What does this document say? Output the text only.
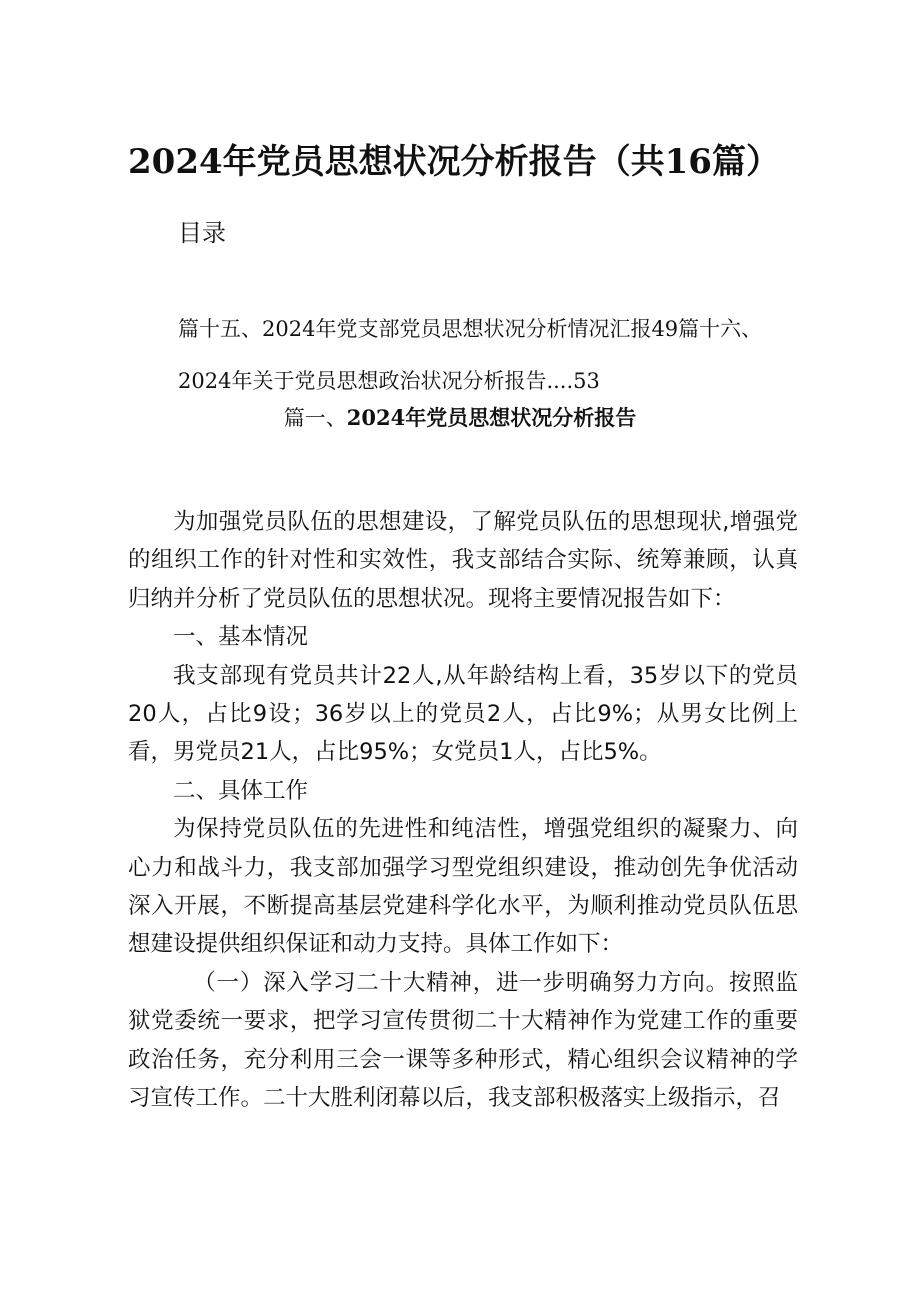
2024年党员思想状况分析报告（共16篇）
目录
篇十五、2024年党支部党员思想状况分析情况汇报49篇十六、
2024年关于党员思想政治状况分析报告....53
篇一、2024年党员思想状况分析报告

为加强党员队伍的思想建设，了解党员队伍的思想现状,增强党的组织工作的针对性和实效性，我支部结合实际、统筹兼顾，认真归纳并分析了党员队伍的思想状况。现将主要情况报告如下：

一、基本情况

我支部现有党员共计22人,从年龄结构上看，35岁以下的党员20人，占比9设；36岁以上的党员2人，占比9%；从男女比例上看，男党员21人，占比95%；女党员1人，占比5%。

二、具体工作

为保持党员队伍的先进性和纯洁性，增强党组织的凝聚力、向心力和战斗力，我支部加强学习型党组织建设，推动创先争优活动深入开展，不断提高基层党建科学化水平，为顺利推动党员队伍思想建设提供组织保证和动力支持。具体工作如下：

（一）深入学习二十大精神，进一步明确努力方向。按照监狱党委统一要求，把学习宣传贯彻二十大精神作为党建工作的重要政治任务，充分利用三会一课等多种形式，精心组织会议精神的学习宣传工作。二十大胜利闭幕以后，我支部积极落实上级指示，召
